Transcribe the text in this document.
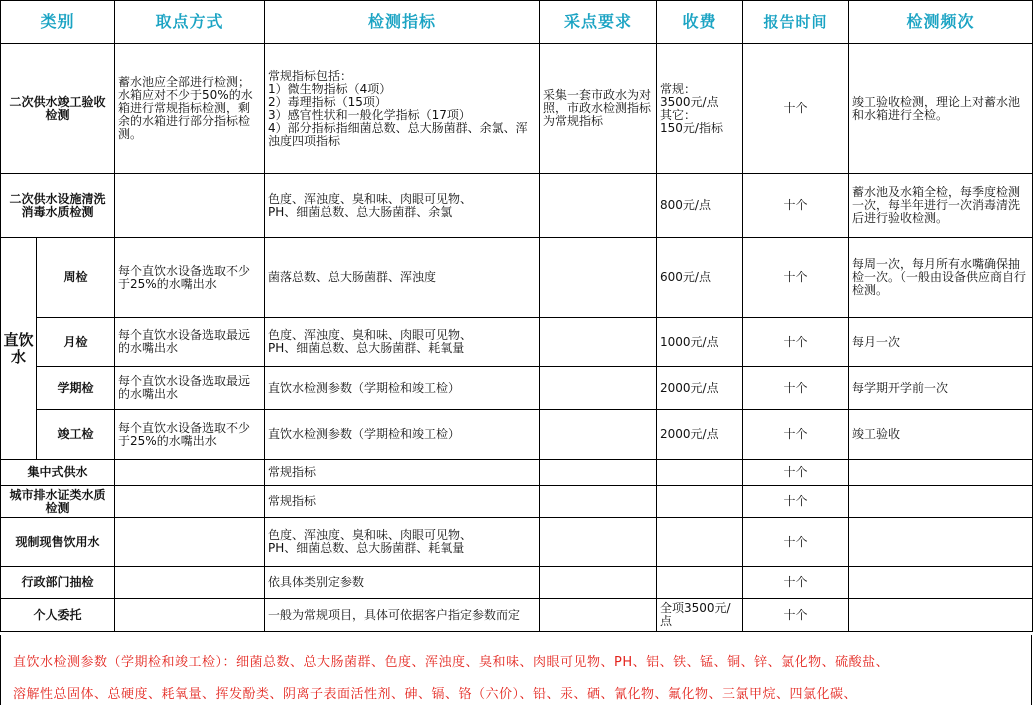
类别		取点方式	检测指标	采点要求	收费	报告时间	检测频次
二次供水竣工验收检测		蓄水池应全部进行检测；水箱应对不少于50%的水箱进行常规指标检测，剩余的水箱进行部分指标检测。	常规指标包括：
1）微生物指标（4项）
2）毒理指标（15项）
3）感官性状和一般化学指标（17项）
4）部分指标指细菌总数、总大肠菌群、余氯、浑浊度四项指标	采集一套市政水为对照，市政水检测指标为常规指标	常规：
3500元/点
其它：
150元/指标	十个	竣工验收检测，理论上对蓄水池和水箱进行全检。
二次供水设施清洗消毒水质检测			色度、浑浊度、臭和味、肉眼可见物、
PH、细菌总数、总大肠菌群、余氯		800元/点	十个	蓄水池及水箱全检，每季度检测一次，每半年进行一次消毒清洗后进行验收检测。
直饮水	周检	每个直饮水设备选取不少于25%的水嘴出水	菌落总数、总大肠菌群、浑浊度		600元/点	十个	每周一次，每月所有水嘴确保抽检一次。（一般由设备供应商自行检测。
	月检	每个直饮水设备选取最远的水嘴出水	色度、浑浊度、臭和味、肉眼可见物、
PH、细菌总数、总大肠菌群、耗氧量		1000元/点	十个	每月一次
	学期检	每个直饮水设备选取最远的水嘴出水	直饮水检测参数（学期检和竣工检）		2000元/点	十个	每学期开学前一次
	竣工检	每个直饮水设备选取不少于25%的水嘴出水	直饮水检测参数（学期检和竣工检）		2000元/点	十个	竣工验收
集中式供水			常规指标			十个	
城市排水证类水质检测			常规指标			十个	
现制现售饮用水			色度、浑浊度、臭和味、肉眼可见物、
PH、细菌总数、总大肠菌群、耗氧量			十个	
行政部门抽检			依具体类别定参数			十个	
个人委托			一般为常规项目，具体可依据客户指定参数而定		全项3500元/点	十个	

直饮水检测参数（学期检和竣工检）：细菌总数、总大肠菌群、色度、浑浊度、臭和味、肉眼可见物、PH、铝、铁、锰、铜、锌、氯化物、硫酸盐、

溶解性总固体、总硬度、耗氧量、挥发酚类、阴离子表面活性剂、砷、镉、铬（六价）、铅、汞、硒、氰化物、氟化物、三氯甲烷、四氯化碳、
